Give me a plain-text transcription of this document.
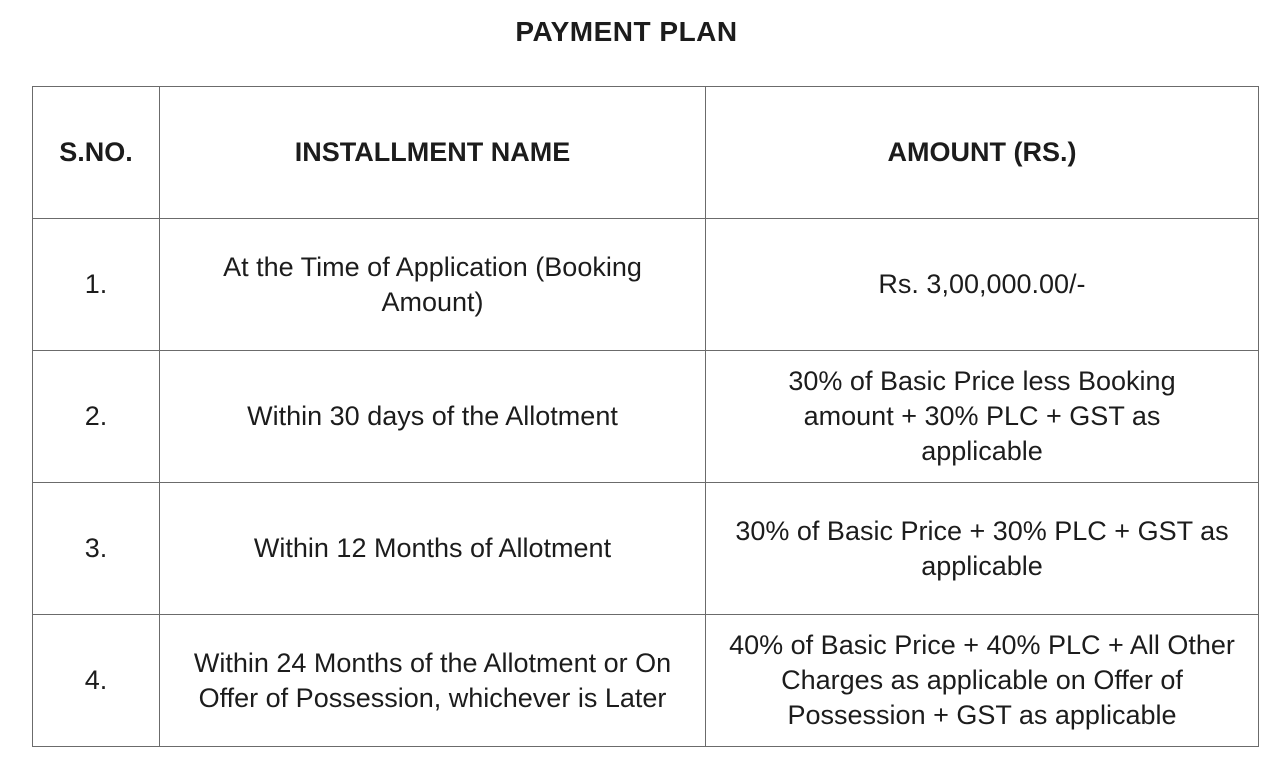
PAYMENT PLAN
S.NO.	INSTALLMENT NAME	AMOUNT (RS.)
1.	At the Time of Application (Booking Amount)	Rs. 3,00,000.00/-
2.	Within 30 days of the Allotment	30% of Basic Price less Booking amount + 30% PLC + GST as applicable
3.	Within 12 Months of Allotment	30% of Basic Price + 30% PLC + GST as applicable
4.	Within 24 Months of the Allotment or On Offer of Possession, whichever is Later	40% of Basic Price + 40% PLC + All Other Charges as applicable on Offer of Possession + GST as applicable
